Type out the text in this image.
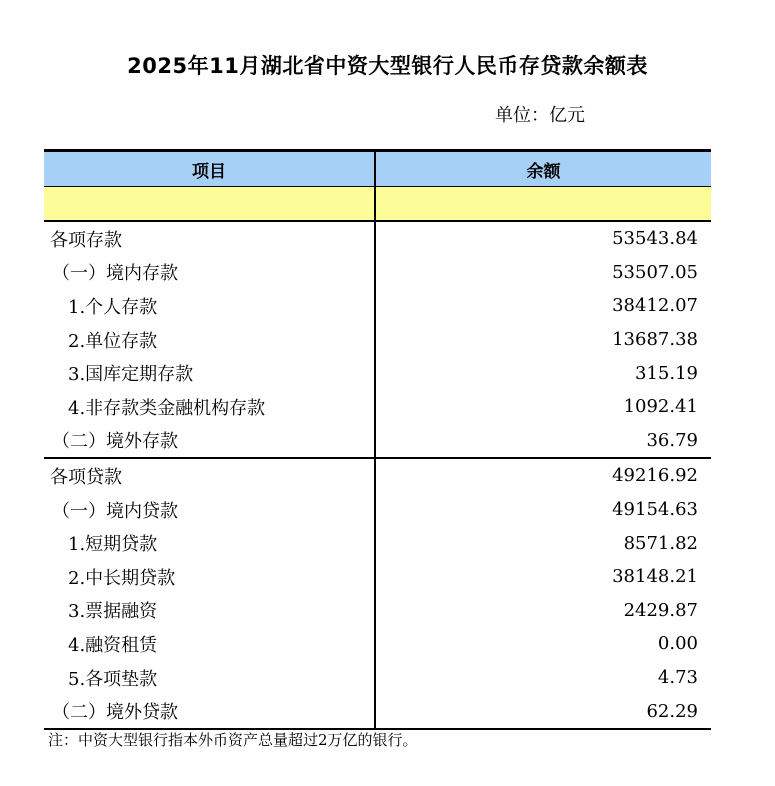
2025年11月湖北省中资大型银行人民币存贷款余额表
单位：亿元
项目	余额
各项存款	53543.84
（一）境内存款	53507.05
1.个人存款	38412.07
2.单位存款	13687.38
3.国库定期存款	315.19
4.非存款类金融机构存款	1092.41
（二）境外存款	36.79
各项贷款	49216.92
（一）境内贷款	49154.63
1.短期贷款	8571.82
2.中长期贷款	38148.21
3.票据融资	2429.87
4.融资租赁	0.00
5.各项垫款	4.73
（二）境外贷款	62.29
注：中资大型银行指本外币资产总量超过2万亿的银行。
